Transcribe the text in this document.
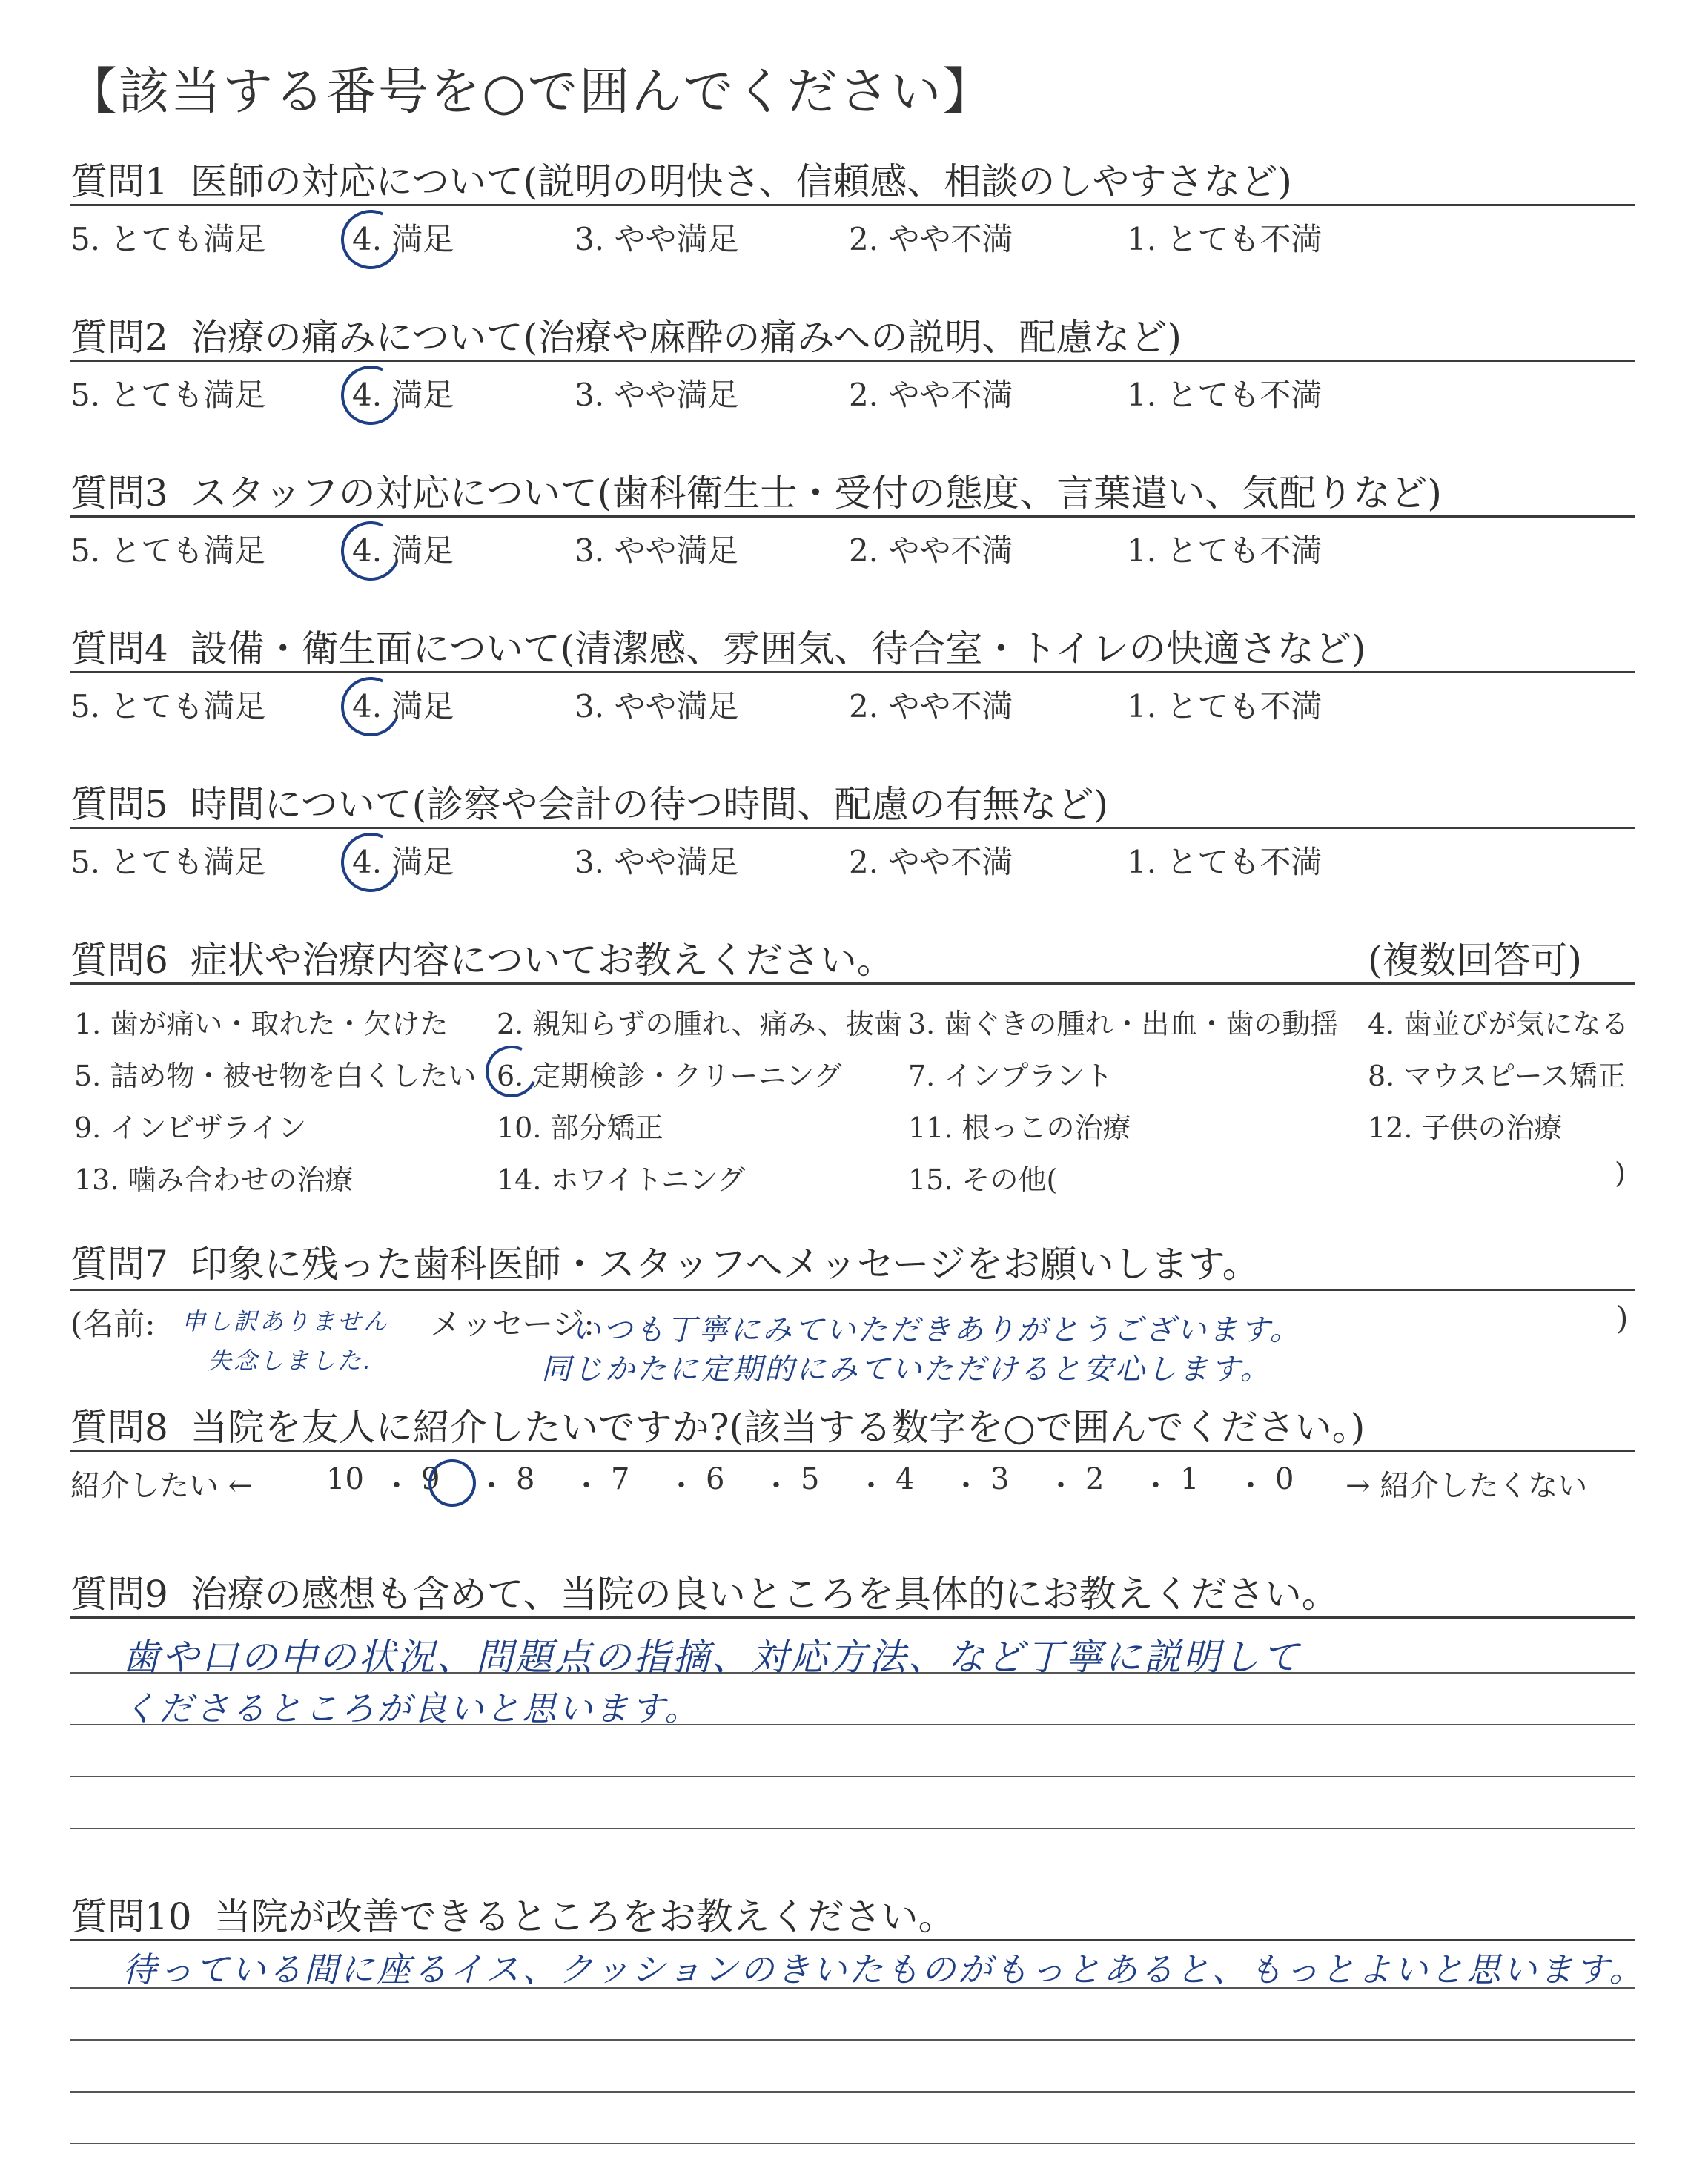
【該当する番号を○で囲んでください】
質問1 医師の対応について(説明の明快さ、信頼感、相談のしやすさなど)
5. とても満足	4. 満足	3. やや満足	2. やや不満	1. とても不満
質問2 治療の痛みについて(治療や麻酔の痛みへの説明、配慮など)
5. とても満足	4. 満足	3. やや満足	2. やや不満	1. とても不満
質問3 スタッフの対応について(歯科衛生士・受付の態度、言葉遣い、気配りなど)
5. とても満足	4. 満足	3. やや満足	2. やや不満	1. とても不満
質問4 設備・衛生面について(清潔感、雰囲気、待合室・トイレの快適さなど)
5. とても満足	4. 満足	3. やや満足	2. やや不満	1. とても不満
質問5 時間について(診察や会計の待つ時間、配慮の有無など)
5. とても満足	4. 満足	3. やや満足	2. やや不満	1. とても不満
質問6 症状や治療内容についてお教えください。	(複数回答可)
1. 歯が痛い・取れた・欠けた 2. 親知らずの腫れ、痛み、抜歯 3. 歯ぐきの腫れ・出血・歯の動揺 4. 歯並びが気になる
5. 詰め物・被せ物を白くしたい 6. 定期検診・クリーニング 7. インプラント	8. マウスピース矯正
9. インビザライン	10. 部分矯正	11. 根っこの治療	12. 子供の治療
13. 噛み合わせの治療	14. ホワイトニング	15. その他(	)
質問7 印象に残った歯科医師・スタッフへメッセージをお願いします。
(名前:	)
メッセージ:
申し訳ありません
失念しました.
いつも丁寧にみていただきありがとうございます。
同じかたに定期的にみていただけると安心します。
質問8 当院を友人に紹介したいですか?(該当する数字を○で囲んでください。)
紹介したい ←	→ 紹介したくない
10 ・ 9 ・ 8 ・ 7 ・ 6 ・ 5 ・ 4 ・ 3 ・ 2 ・ 1 ・ 0
質問9 治療の感想も含めて、当院の良いところを具体的にお教えください。
歯や口の中の状況、問題点の指摘、対応方法、など丁寧に説明して
くださるところが良いと思います。
質問10 当院が改善できるところをお教えください。
待っている間に座るイス、クッションのきいたものがもっとあると、もっとよいと思います。
